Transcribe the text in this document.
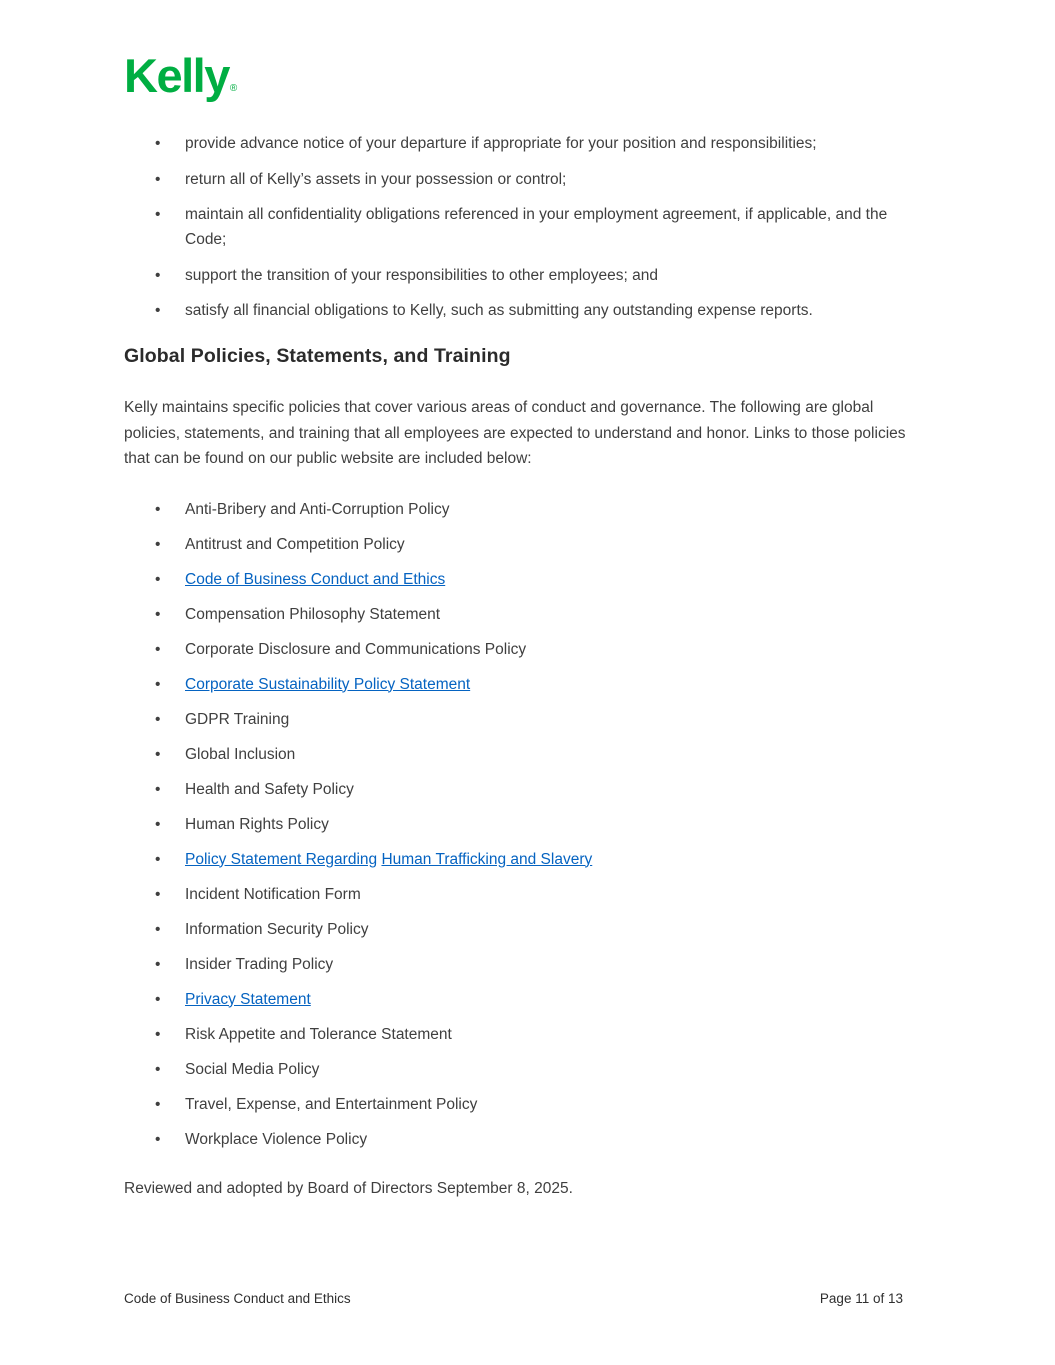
Kelly®
• provide advance notice of your departure if appropriate for your position and responsibilities;
• return all of Kelly’s assets in your possession or control;
• maintain all confidentiality obligations referenced in your employment agreement, if applicable, and the Code;
• support the transition of your responsibilities to other employees; and
• satisfy all financial obligations to Kelly, such as submitting any outstanding expense reports.
Global Policies, Statements, and Training

Kelly maintains specific policies that cover various areas of conduct and governance. The following are global policies, statements, and training that all employees are expected to understand and honor. Links to those policies that can be found on our public website are included below:

• Anti-Bribery and Anti-Corruption Policy
• Antitrust and Competition Policy
• Code of Business Conduct and Ethics
• Compensation Philosophy Statement
• Corporate Disclosure and Communications Policy
• Corporate Sustainability Policy Statement
• GDPR Training
• Global Inclusion
• Health and Safety Policy
• Human Rights Policy
• Policy Statement Regarding Human Trafficking and Slavery
• Incident Notification Form
• Information Security Policy
• Insider Trading Policy
• Privacy Statement
• Risk Appetite and Tolerance Statement
• Social Media Policy
• Travel, Expense, and Entertainment Policy
• Workplace Violence Policy

Reviewed and adopted by Board of Directors September 8, 2025.

Code of Business Conduct and Ethics	Page 11 of 13
